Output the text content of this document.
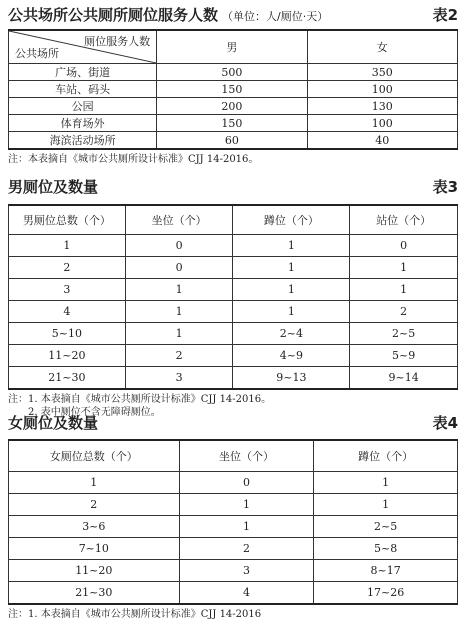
公共场所公共厕所厕位服务人数 （单位：人/厕位·天）	表2
厕位服务人数
公共场所	男	女
广场、街道	500	350
车站、码头	150	100
公园	200	130
体育场外	150	100
海滨活动场所	60	40
注：本表摘自《城市公共厕所设计标准》CJJ 14-2016。
男厕位及数量	表3
男厕位总数（个）	坐位（个）	蹲位（个）	站位（个）
1	0	1	0
2	0	1	1
3	1	1	1
4	1	1	2
5~10	1	2~4	2~5
11~20	2	4~9	5~9
21~30	3	9~13	9~14
注：1. 本表摘自《城市公共厕所设计标准》CJJ 14-2016。
2. 表中厕位不含无障碍厕位。
女厕位及数量	表4
女厕位总数（个）	坐位（个）	蹲位（个）
1	0	1
2	1	1
3~6	1	2~5
7~10	2	5~8
11~20	3	8~17
21~30	4	17~26
注：1. 本表摘自《城市公共厕所设计标准》CJJ 14-2016
